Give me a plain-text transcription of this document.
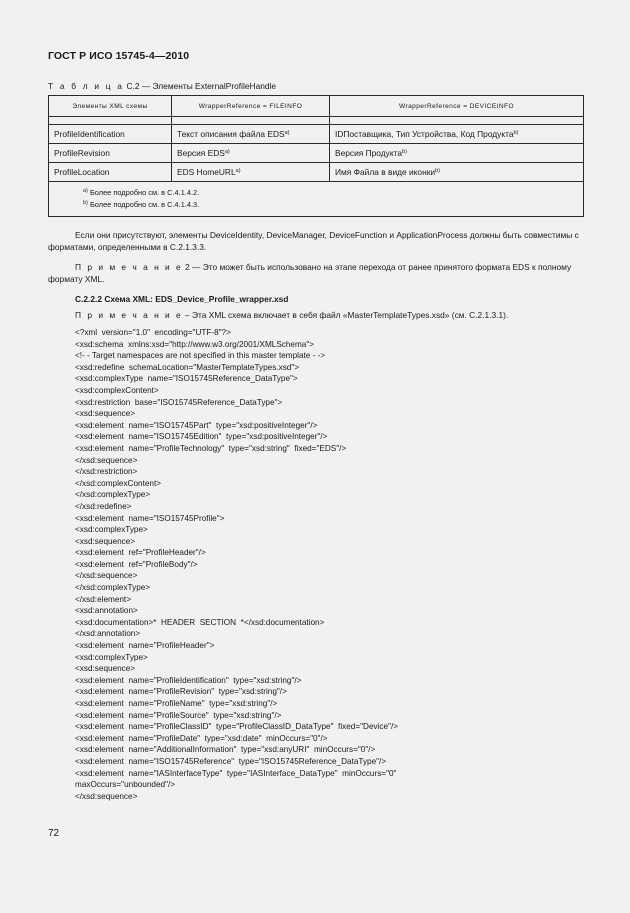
ГОСТ Р ИСО 15745-4—2010
Т а б л и ц а С.2 — Элементы ExternalProfileHandle
Элементы XML схемы	WrapperReference = FILEINFO	WrapperReference = DEVICEINFO

ProfileIdentification	Текст описания файла EDS$^{a)}$	IDПоставщика, Тип Устройства, Код Продукта$^{b)}$
ProfileRevision	Версия EDS$^{a)}$	Версия Продукта$^{b)}$
ProfileLocation	EDS HomeURL$^{a)}$	Имя Файла в виде иконки$^{b)}$

$^{a)}$ Более подробно см. в С.4.1.4.2.
$^{b)}$ Более подробно см. в С.4.1.4.3.		
Если они присутствуют, элементы DeviceIdentity, DeviceManager, DeviceFunction и ApplicationProcess должны быть совместимы с форматами, определенными в С.2.1.3.3.
П р и м е ч а н и е 2 — Это может быть использовано на этапе перехода от ранее принятого формата EDS к полному формату XML.
С.2.2.2 Схема XML: EDS_Device_Profile_wrapper.xsd
П р и м е ч а н и е – Эта XML схема включает в себя файл «MasterTemplateTypes.xsd» (см. С.2.1.3.1).
<?xml  version="1.0"  encoding="UTF-8"?>
<xsd:schema  xmlns:xsd="http://www.w3.org/2001/XMLSchema">
<!- - Target namespaces are not specified in this master template - ->
<xsd:redefine  schemaLocation="MasterTemplateTypes.xsd">
<xsd:complexType  name="ISO15745Reference_DataType">
<xsd:complexContent>
<xsd:restriction  base="ISO15745Reference_DataType">
<xsd:sequence>
<xsd:element  name="ISO15745Part"  type="xsd:positiveInteger"/>
<xsd:element  name="ISO15745Edition"  type="xsd:positiveInteger"/>
<xsd:element  name="ProfileTechnology"  type="xsd:string"  fixed="EDS"/>
</xsd:sequence>
</xsd:restriction>
</xsd:complexContent>
</xsd:complexType>
</xsd:redefine>
<xsd:element  name="ISO15745Profile">
<xsd:complexType>
<xsd:sequence>
<xsd:element  ref="ProfileHeader"/>
<xsd:element  ref="ProfileBody"/>
</xsd:sequence>
</xsd:complexType>
</xsd:element>
<xsd:annotation>
<xsd:documentation>*  HEADER  SECTION  *</xsd:documentation>
</xsd:annotation>
<xsd:element  name="ProfileHeader">
<xsd:complexType>
<xsd:sequence>
<xsd:element  name="ProfileIdentification"  type="xsd:string"/>
<xsd:element  name="ProfileRevision"  type="xsd:string"/>
<xsd:element  name="ProfileName"  type="xsd:string"/>
<xsd:element  name="ProfileSource"  type="xsd:string"/>
<xsd:element  name="ProfileClassID"  type="ProfileClassID_DataType"  fixed="Device"/>
<xsd:element  name="ProfileDate"  type="xsd:date"  minOccurs="0"/>
<xsd:element  name="AdditionalInformation"  type="xsd:anyURI"  minOccurs="0"/>
<xsd:element  name="ISO15745Reference"  type="ISO15745Reference_DataType"/>
<xsd:element  name="IASInterfaceType"  type="IASInterface_DataType"  minOccurs="0"
maxOccurs="unbounded"/>
</xsd:sequence>
72
